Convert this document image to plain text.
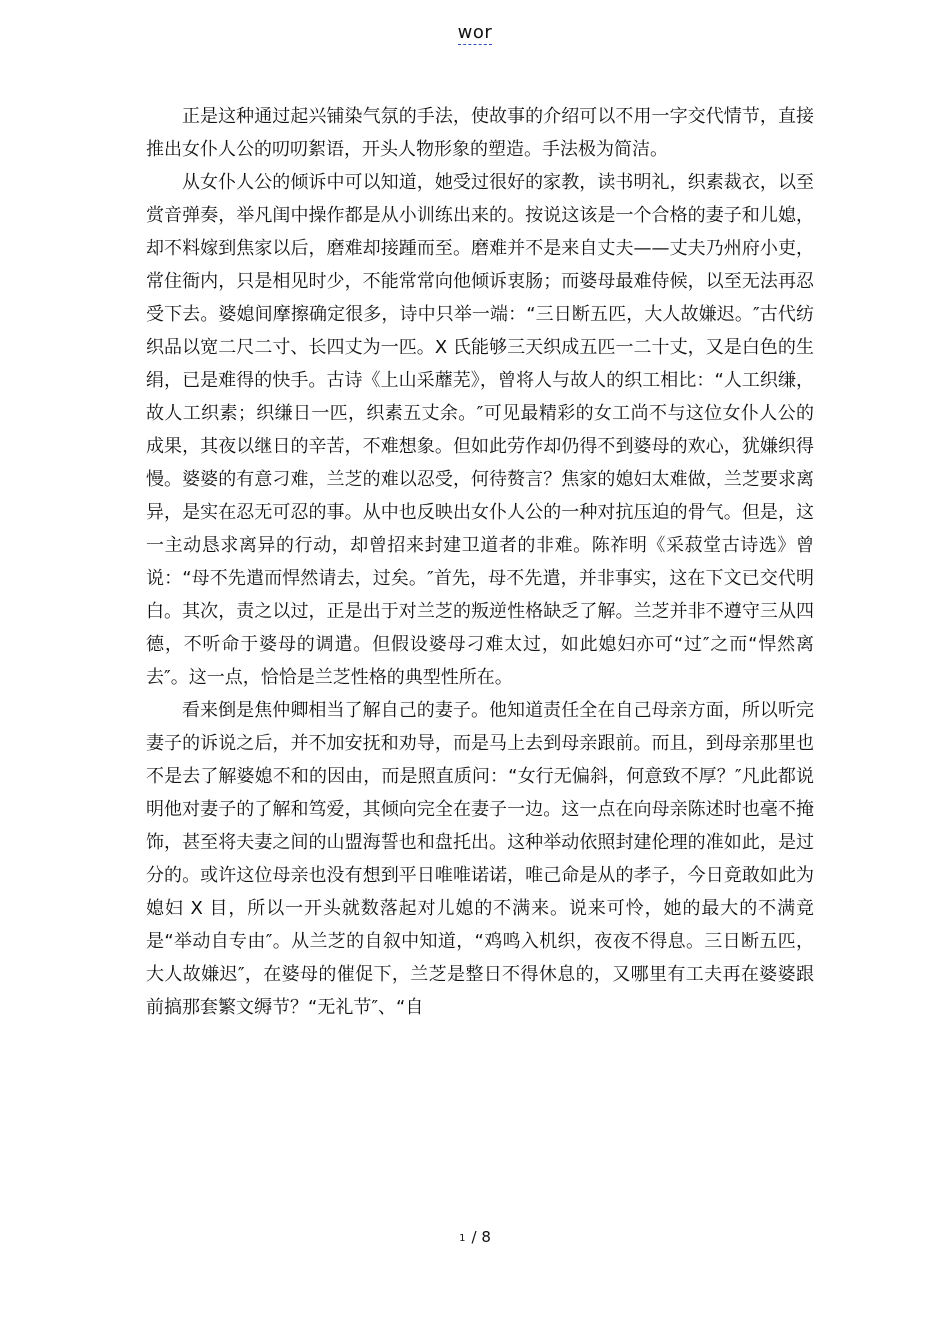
wor

正是这种通过起兴铺染气氛的手法，使故事的介绍可以不用一字交代情节，直接推出女仆人公的叨叨絮语，开头人物形象的塑造。手法极为简洁。

从女仆人公的倾诉中可以知道，她受过很好的家教，读书明礼，织素裁衣，以至赏音弹奏，举凡闺中操作都是从小训练出来的。按说这该是一个合格的妻子和儿媳，却不料嫁到焦家以后，磨难却接踵而至。磨难并不是来自丈夫——丈夫乃州府小吏，常住衙内，只是相见时少，不能常常向他倾诉衷肠；而婆母最难侍候，以至无法再忍受下去。婆媳间摩擦确定很多，诗中只举一端：“三日断五匹，大人故嫌迟。″古代纺织品以宽二尺二寸、长四丈为一匹。X 氏能够三天织成五匹一二十丈，又是白色的生绢，已是难得的快手。古诗《上山采蘼芜》，曾将人与故人的织工相比：“人工织缣，故人工织素；织缣日一匹，织素五丈余。″可见最精彩的女工尚不与这位女仆人公的成果，其夜以继日的辛苦，不难想象。但如此劳作却仍得不到婆母的欢心，犹嫌织得慢。婆婆的有意刁难，兰芝的难以忍受，何待赘言？焦家的媳妇太难做，兰芝要求离异，是实在忍无可忍的事。从中也反映出女仆人公的一种对抗压迫的骨气。但是，这一主动恳求离异的行动，却曾招来封建卫道者的非难。陈祚明《采菽堂古诗选》曾说：“母不先遣而悍然请去，过矣。″首先，母不先遣，并非事实，这在下文已交代明白。其次，责之以过，正是出于对兰芝的叛逆性格缺乏了解。兰芝并非不遵守三从四德，不听命于婆母的调遣。但假设婆母刁难太过，如此媳妇亦可“过″之而“悍然离去″。这一点，恰恰是兰芝性格的典型性所在。

看来倒是焦仲卿相当了解自己的妻子。他知道责任全在自己母亲方面，所以听完妻子的诉说之后，并不加安抚和劝导，而是马上去到母亲跟前。而且，到母亲那里也不是去了解婆媳不和的因由，而是照直质问：“女行无偏斜，何意致不厚？″凡此都说明他对妻子的了解和笃爱，其倾向完全在妻子一边。这一点在向母亲陈述时也毫不掩饰，甚至将夫妻之间的山盟海誓也和盘托出。这种举动依照封建伦理的准如此，是过分的。或许这位母亲也没有想到平日唯唯诺诺，唯己命是从的孝子，今日竟敢如此为媳妇 X 目，所以一开头就数落起对儿媳的不满来。说来可怜，她的最大的不满竟是“举动自专由″。从兰芝的自叙中知道，“鸡鸣入机织，夜夜不得息。三日断五匹，大人故嫌迟″，在婆母的催促下，兰芝是整日不得休息的，又哪里有工夫再在婆婆跟前搞那套繁文缛节？“无礼节″、“自

1 / 8
